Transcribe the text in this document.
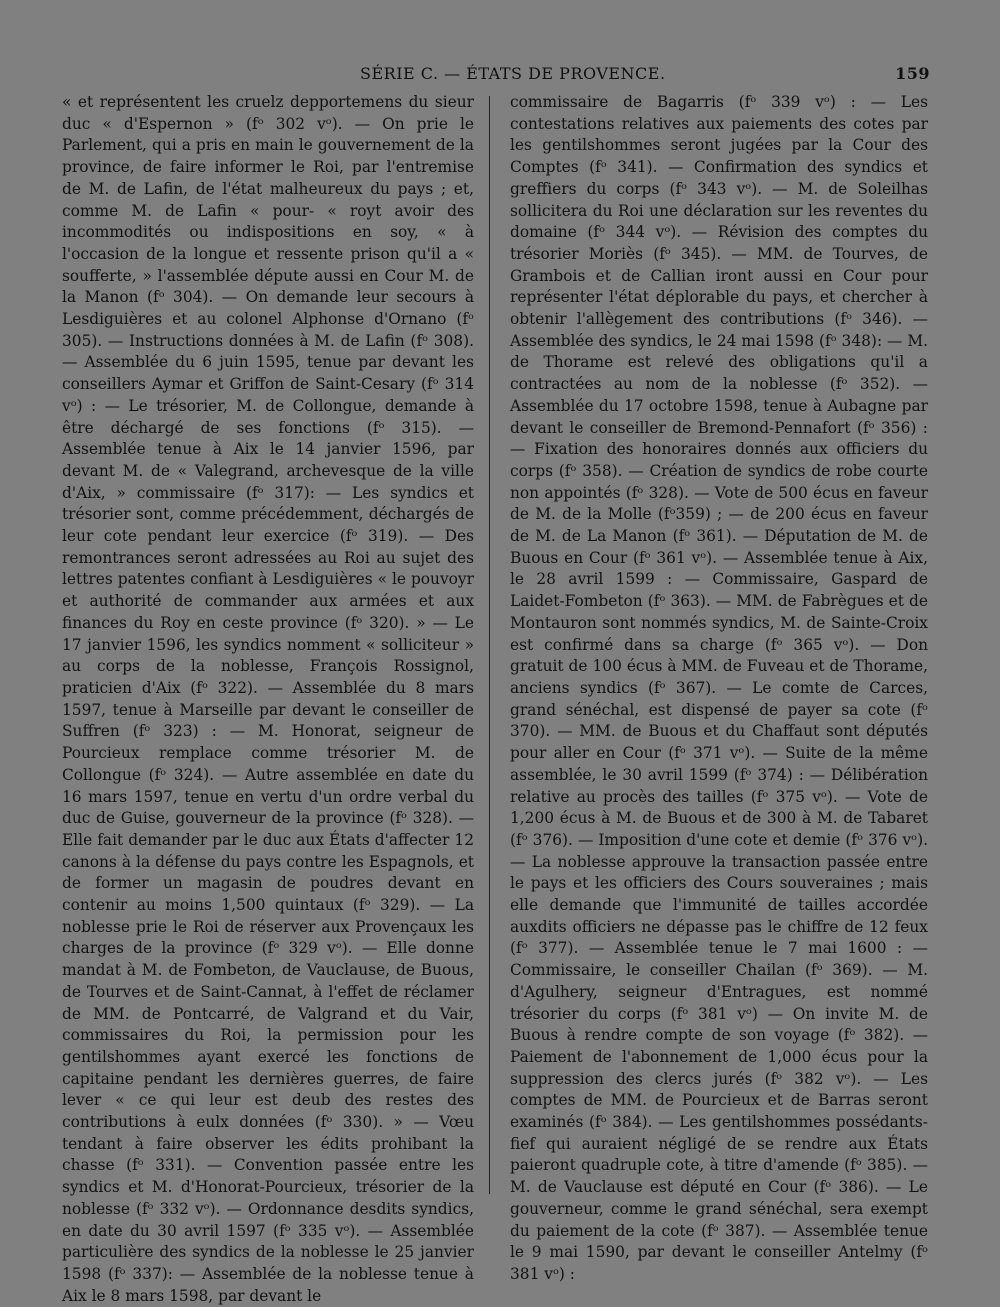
SÉRIE C. — ÉTATS DE PROVENCE.	159
« et représentent les cruelz depportemens du sieur duc « d'Espernon » (fᵒ 302 vᵒ). — On prie le Parlement, qui a pris en main le gouvernement de la province, de faire informer le Roi, par l'entremise de M. de Lafin, de l'état malheureux du pays ; et, comme M. de Lafin « pour- « royt avoir des incommodités ou indispositions en soy, « à l'occasion de la longue et ressente prison qu'il a « soufferte, » l'assemblée députe aussi en Cour M. de la Manon (fᵒ 304). — On demande leur secours à Lesdiguières et au colonel Alphonse d'Ornano (fᵒ 305). — Instructions données à M. de Lafin (fᵒ 308). — Assemblée du 6 juin 1595, tenue par devant les conseillers Aymar et Griffon de Saint-Cesary (fᵒ 314 vᵒ) : — Le trésorier, M. de Collongue, demande à être déchargé de ses fonctions (fᵒ 315). — Assemblée tenue à Aix le 14 janvier 1596, par devant M. de « Valegrand, archevesque de la ville d'Aix, » commissaire (fᵒ 317): — Les syndics et trésorier sont, comme précédemment, déchargés de leur cote pendant leur exercice (fᵒ 319). — Des remontrances seront adressées au Roi au sujet des lettres patentes confiant à Lesdiguières « le pouvoyr et authorité de commander aux armées et aux finances du Roy en ceste province (fᵒ 320). » — Le 17 janvier 1596, les syndics nomment « solliciteur » au corps de la noblesse, François Rossignol, praticien d'Aix (fᵒ 322). — Assemblée du 8 mars 1597, tenue à Marseille par devant le conseiller de Suffren (fᵒ 323) : — M. Honorat, seigneur de Pourcieux remplace comme trésorier M. de Collongue (fᵒ 324). — Autre assemblée en date du 16 mars 1597, tenue en vertu d'un ordre verbal du duc de Guise, gouverneur de la province (fᵒ 328). — Elle fait demander par le duc aux États d'affecter 12 canons à la défense du pays contre les Espagnols, et de former un magasin de poudres devant en contenir au moins 1,500 quintaux (fᵒ 329). — La noblesse prie le Roi de réserver aux Provençaux les charges de la province (fᵒ 329 vᵒ). — Elle donne mandat à M. de Fombeton, de Vauclause, de Buous, de Tourves et de Saint-Cannat, à l'effet de réclamer de MM. de Pontcarré, de Valgrand et du Vair, commissaires du Roi, la permission pour les gentilshommes ayant exercé les fonctions de capitaine pendant les dernières guerres, de faire lever « ce qui leur est deub des restes des contributions à eulx données (fᵒ 330). » — Vœu tendant à faire observer les édits prohibant la chasse (fᵒ 331). — Convention passée entre les syndics et M. d'Honorat-Pourcieux, trésorier de la noblesse (fᵒ 332 vᵒ). — Ordonnance desdits syndics, en date du 30 avril 1597 (fᵒ 335 vᵒ). — Assemblée particulière des syndics de la noblesse le 25 janvier 1598 (fᵒ 337): — Assemblée de la noblesse tenue à Aix le 8 mars 1598, par devant le
commissaire de Bagarris (fᵒ 339 vᵒ) : — Les contestations relatives aux paiements des cotes par les gentilshommes seront jugées par la Cour des Comptes (fᵒ 341). — Confirmation des syndics et greffiers du corps (fᵒ 343 vᵒ). — M. de Soleilhas sollicitera du Roi une déclaration sur les reventes du domaine (fᵒ 344 vᵒ). — Révision des comptes du trésorier Moriès (fᵒ 345). — MM. de Tourves, de Grambois et de Callian iront aussi en Cour pour représenter l'état déplorable du pays, et chercher à obtenir l'allègement des contributions (fᵒ 346). — Assemblée des syndics, le 24 mai 1598 (fᵒ 348): — M. de Thorame est relevé des obligations qu'il a contractées au nom de la noblesse (fᵒ 352). — Assemblée du 17 octobre 1598, tenue à Aubagne par devant le conseiller de Bremond-Pennafort (fᵒ 356) : — Fixation des honoraires donnés aux officiers du corps (fᵒ 358). — Création de syndics de robe courte non appointés (fᵒ 328). — Vote de 500 écus en faveur de M. de la Molle (fᵒ359) ; — de 200 écus en faveur de M. de La Manon (fᵒ 361). — Députation de M. de Buous en Cour (fᵒ 361 vᵒ). — Assemblée tenue à Aix, le 28 avril 1599 : — Commissaire, Gaspard de Laidet-Fombeton (fᵒ 363). — MM. de Fabrègues et de Montauron sont nommés syndics, M. de Sainte-Croix est confirmé dans sa charge (fᵒ 365 vᵒ). — Don gratuit de 100 écus à MM. de Fuveau et de Thorame, anciens syndics (fᵒ 367). — Le comte de Carces, grand sénéchal, est dispensé de payer sa cote (fᵒ 370). — MM. de Buous et du Chaffaut sont députés pour aller en Cour (fᵒ 371 vᵒ). — Suite de la même assemblée, le 30 avril 1599 (fᵒ 374) : — Délibération relative au procès des tailles (fᵒ 375 vᵒ). — Vote de 1,200 écus à M. de Buous et de 300 à M. de Tabaret (fᵒ 376). — Imposition d'une cote et demie (fᵒ 376 vᵒ). — La noblesse approuve la transaction passée entre le pays et les officiers des Cours souveraines ; mais elle demande que l'immunité de tailles accordée auxdits officiers ne dépasse pas le chiffre de 12 feux (fᵒ 377). — Assemblée tenue le 7 mai 1600 : — Commissaire, le conseiller Chailan (fᵒ 369). — M. d'Agulhery, seigneur d'Entragues, est nommé trésorier du corps (fᵒ 381 vᵒ) — On invite M. de Buous à rendre compte de son voyage (fᵒ 382). — Paiement de l'abonnement de 1,000 écus pour la suppression des clercs jurés (fᵒ 382 vᵒ). — Les comptes de MM. de Pourcieux et de Barras seront examinés (fᵒ 384). — Les gentilshommes possédants-fief qui auraient négligé de se rendre aux États paieront quadruple cote, à titre d'amende (fᵒ 385). — M. de Vauclause est député en Cour (fᵒ 386). — Le gouverneur, comme le grand sénéchal, sera exempt du paiement de la cote (fᵒ 387). — Assemblée tenue le 9 mai 1590, par devant le conseiller Antelmy (fᵒ 381 vᵒ) :
